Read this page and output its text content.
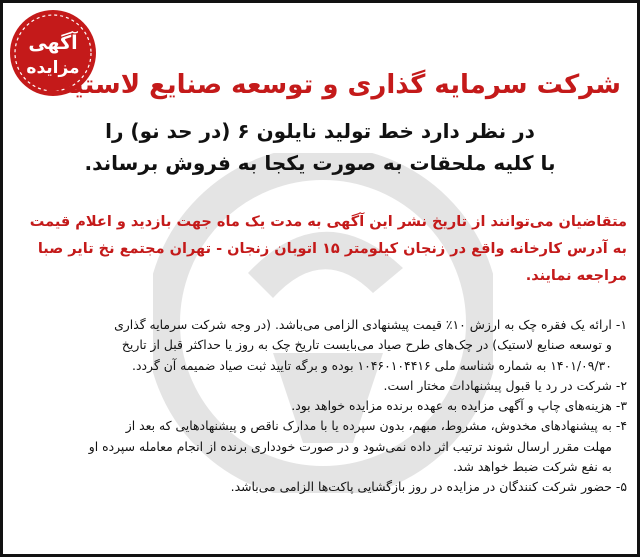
آگهی
مزایده
شرکت سرمایه گذاری و توسعه صنایع لاستیک
در نظر دارد خط تولید نایلون ۶ (در حد نو) را
با کلیه ملحقات به صورت یکجا به فروش برساند.
متقاضیان می‌توانند از تاریخ نشر این آگهی به مدت یک ماه جهت بازدید و اعلام قیمت
به آدرس کارخانه واقع در زنجان کیلومتر ۱۵ اتوبان زنجان - تهران مجتمع نخ تایر صبا
مراجعه نمایند.
۱-
ارائه یک فقره چک به ارزش ۱۰٪ قیمت پیشنهادی الزامی می‌باشد. (در وجه شرکت سرمایه گذاری
و توسعه صنایع لاستیک) در چک‌های طرح صیاد می‌بایست تاریخ چک به روز یا حداکثر قبل از تاریخ
۱۴۰۱/۰۹/۳۰ به شماره شناسه ملی ۱۰۴۶۰۱۰۴۴۱۶ بوده و برگه تایید ثبت صیاد ضمیمه آن گردد.
۲-
شرکت در رد یا قبول پیشنهادات مختار است.
۳-
هزینه‌های چاپ و آگهی مزایده به عهده برنده مزایده خواهد بود.
۴-
به پیشنهادهای مخدوش، مشروط، مبهم، بدون سپرده یا با مدارک ناقص و پیشنهادهایی که بعد از
مهلت مقرر ارسال شوند ترتیب اثر داده نمی‌شود و در صورت خودداری برنده از انجام معامله سپرده او
به نفع شرکت ضبط خواهد شد.
۵-
حضور شرکت کنندگان در مزایده در روز بازگشایی پاکت‌ها الزامی می‌باشد.
